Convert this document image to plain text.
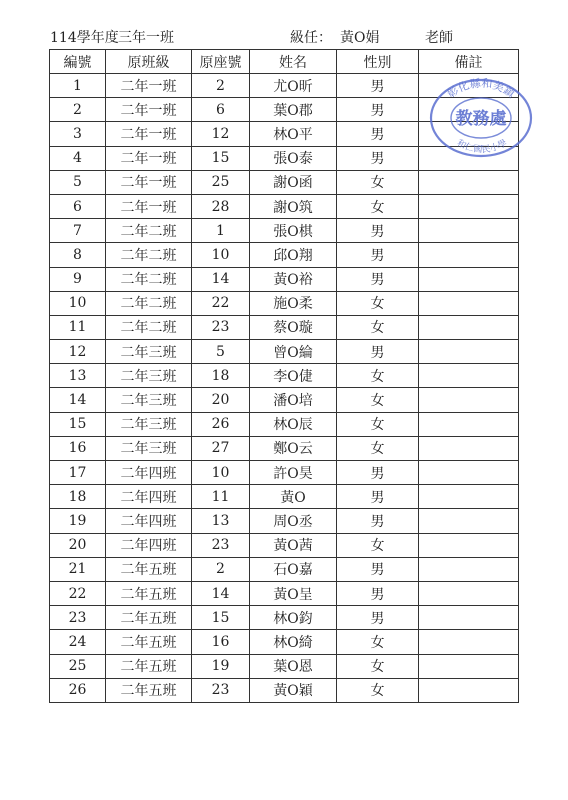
114學年度 三年一班	級任： 黃O娟	老師
編號	原班級	原座號	姓名	性別	備註
1	二年一班	2	尤O昕	男	
2	二年一班	6	葉O郡	男	
3	二年一班	12	林O平	男	
4	二年一班	15	張O泰	男	
5	二年一班	25	謝O函	女	
6	二年一班	28	謝O筑	女	
7	二年二班	1	張O棋	男	
8	二年二班	10	邱O翔	男	
9	二年二班	14	黃O裕	男	
10	二年二班	22	施O柔	女	
11	二年二班	23	蔡O璇	女	
12	二年三班	5	曾O綸	男	
13	二年三班	18	李O倢	女	
14	二年三班	20	潘O培	女	
15	二年三班	26	林O辰	女	
16	二年三班	27	鄭O云	女	
17	二年四班	10	許O昊	男	
18	二年四班	11	黃O	男	
19	二年四班	13	周O丞	男	
20	二年四班	23	黃O茜	女	
21	二年五班	2	石O嘉	男	
22	二年五班	14	黃O呈	男	
23	二年五班	15	林O鈞	男	
24	二年五班	16	林O綺	女	
25	二年五班	19	葉O恩	女	
26	二年五班	23	黃O穎	女	
彰化縣和美鎮
教務處
和仁國民小學
